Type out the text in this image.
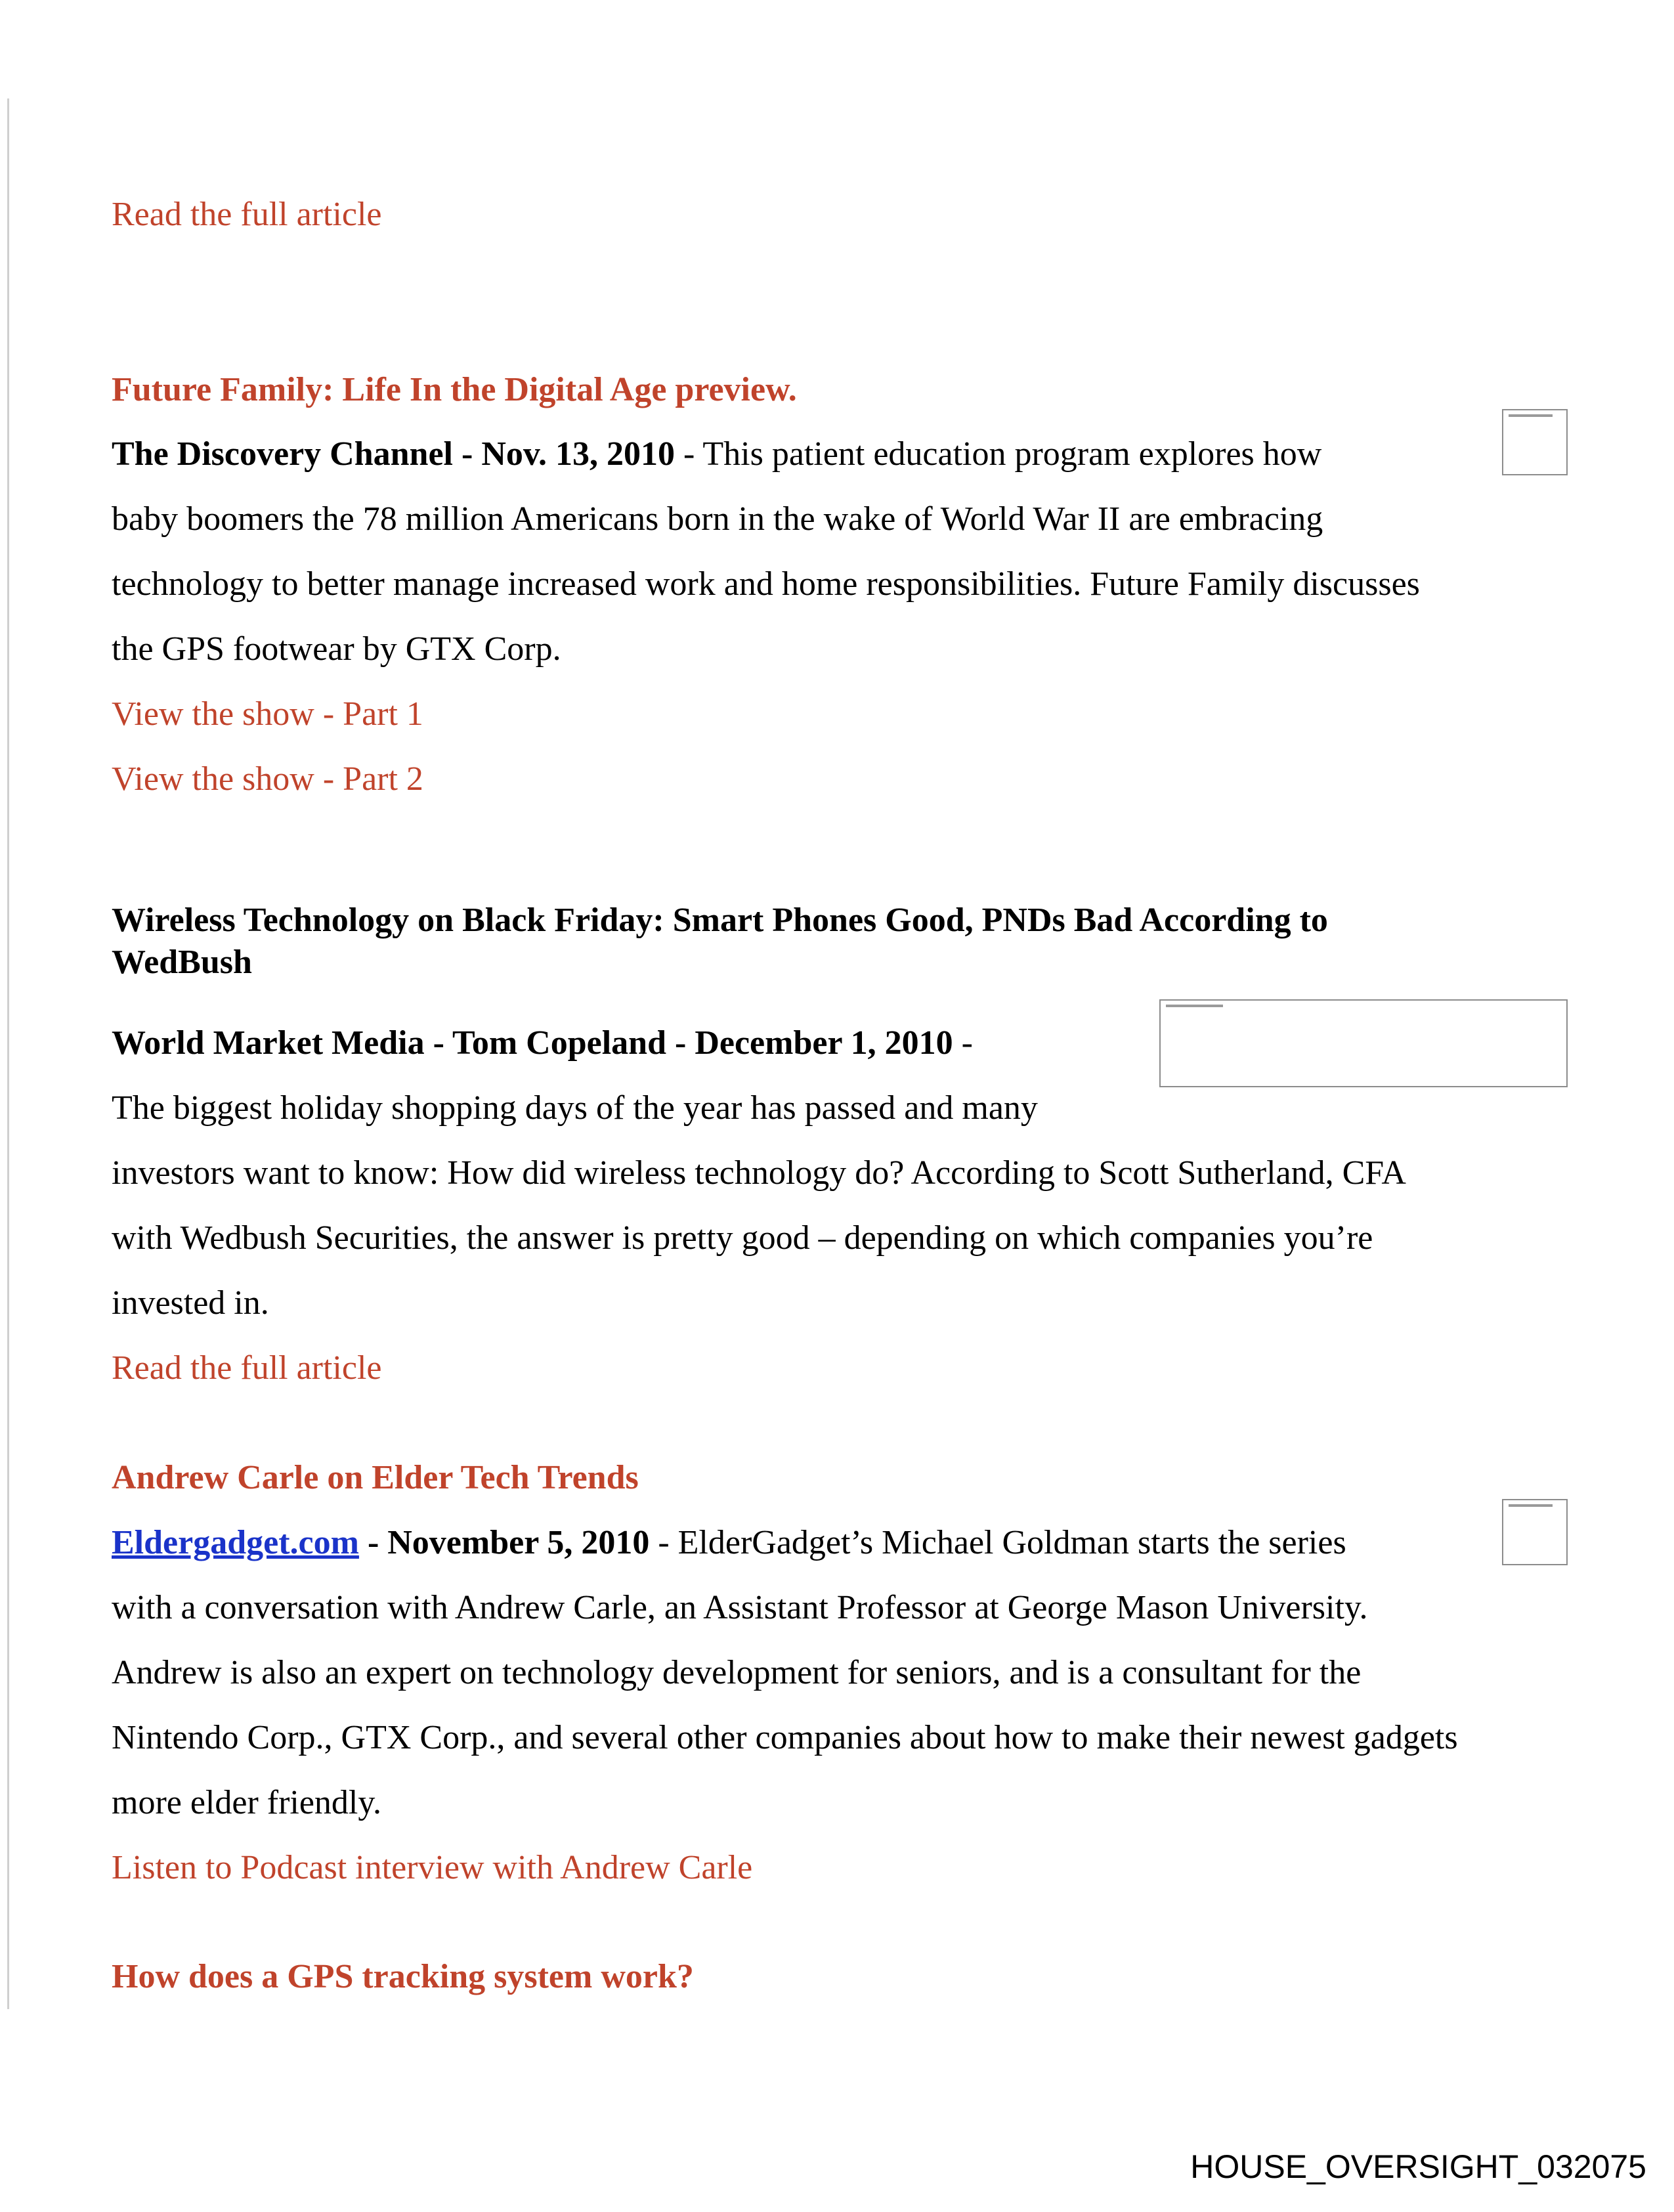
Read the full article
Future Family: Life In the Digital Age preview.
The Discovery Channel - Nov. 13, 2010 - This patient education program explores how
baby boomers the 78 million Americans born in the wake of World War II are embracing
technology to better manage increased work and home responsibilities. Future Family discusses
the GPS footwear by GTX Corp.
View the show - Part 1
View the show - Part 2
Wireless Technology on Black Friday: Smart Phones Good, PNDs Bad According to
WedBush
World Market Media - Tom Copeland - December 1, 2010 -
The biggest holiday shopping days of the year has passed and many
investors want to know: How did wireless technology do? According to Scott Sutherland, CFA
with Wedbush Securities, the answer is pretty good – depending on which companies you’re
invested in.
Read the full article
Andrew Carle on Elder Tech Trends
Eldergadget.com - November 5, 2010 - ElderGadget’s Michael Goldman starts the series
with a conversation with Andrew Carle, an Assistant Professor at George Mason University.
Andrew is also an expert on technology development for seniors, and is a consultant for the
Nintendo Corp., GTX Corp., and several other companies about how to make their newest gadgets
more elder friendly.
Listen to Podcast interview with Andrew Carle
How does a GPS tracking system work?
HOUSE_OVERSIGHT_032075
